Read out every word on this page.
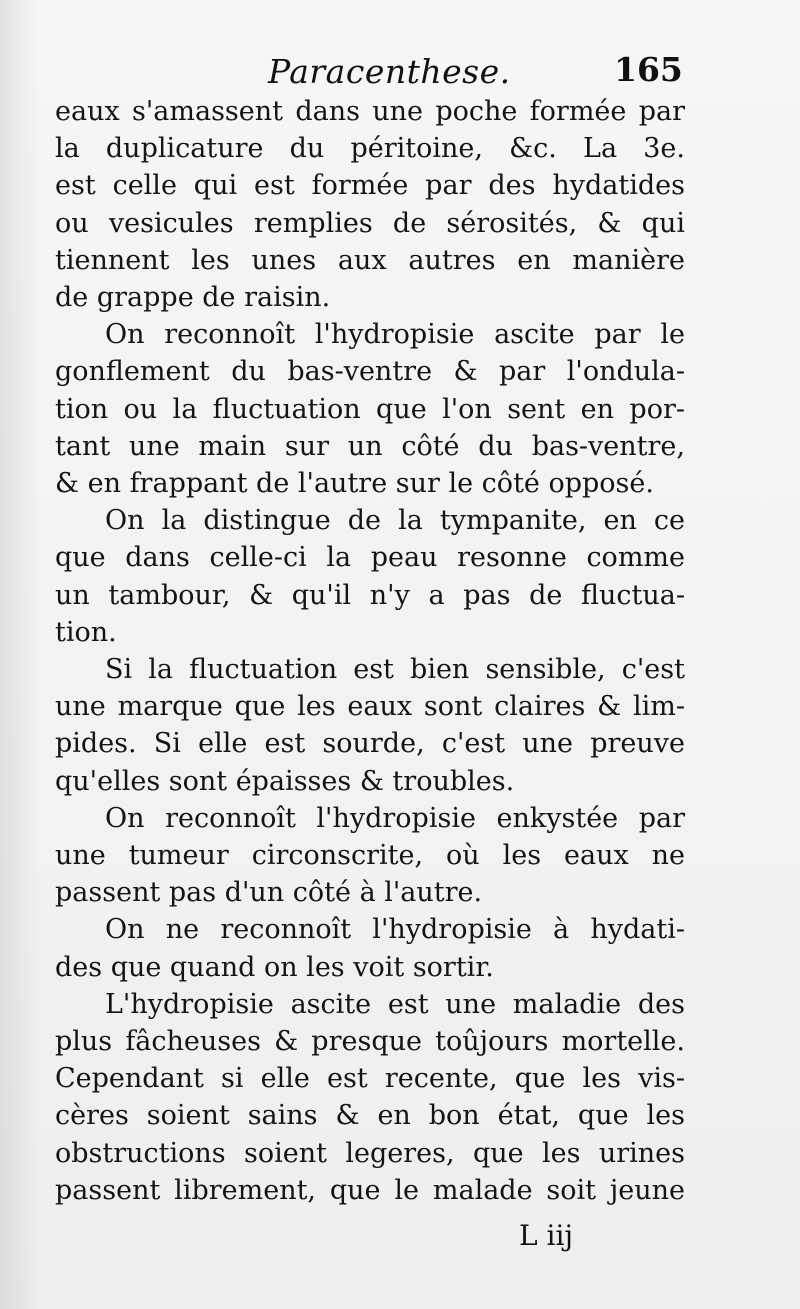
Paracenthese.	165
eaux s'amassent dans une poche formée par
la duplicature du péritoine, &c. La 3e.
est celle qui est formée par des hydatides
ou vesicules remplies de sérosités, & qui
tiennent les unes aux autres en manière
de grappe de raisin.
On reconnoît l'hydropisie ascite par le
gonflement du bas-ventre & par l'ondula-
tion ou la fluctuation que l'on sent en por-
tant une main sur un côté du bas-ventre,
& en frappant de l'autre sur le côté opposé.
On la distingue de la tympanite, en ce
que dans celle-ci la peau resonne comme
un tambour, & qu'il n'y a pas de fluctua-
tion.
Si la fluctuation est bien sensible, c'est
une marque que les eaux sont claires & lim-
pides. Si elle est sourde, c'est une preuve
qu'elles sont épaisses & troubles.
On reconnoît l'hydropisie enkystée par
une tumeur circonscrite, où les eaux ne
passent pas d'un côté à l'autre.
On ne reconnoît l'hydropisie à hydati-
des que quand on les voit sortir.
L'hydropisie ascite est une maladie des
plus fâcheuses & presque toûjours mortelle.
Cependant si elle est recente, que les vis-
cères soient sains & en bon état, que les
obstructions soient legeres, que les urines
passent librement, que le malade soit jeune
L iij
